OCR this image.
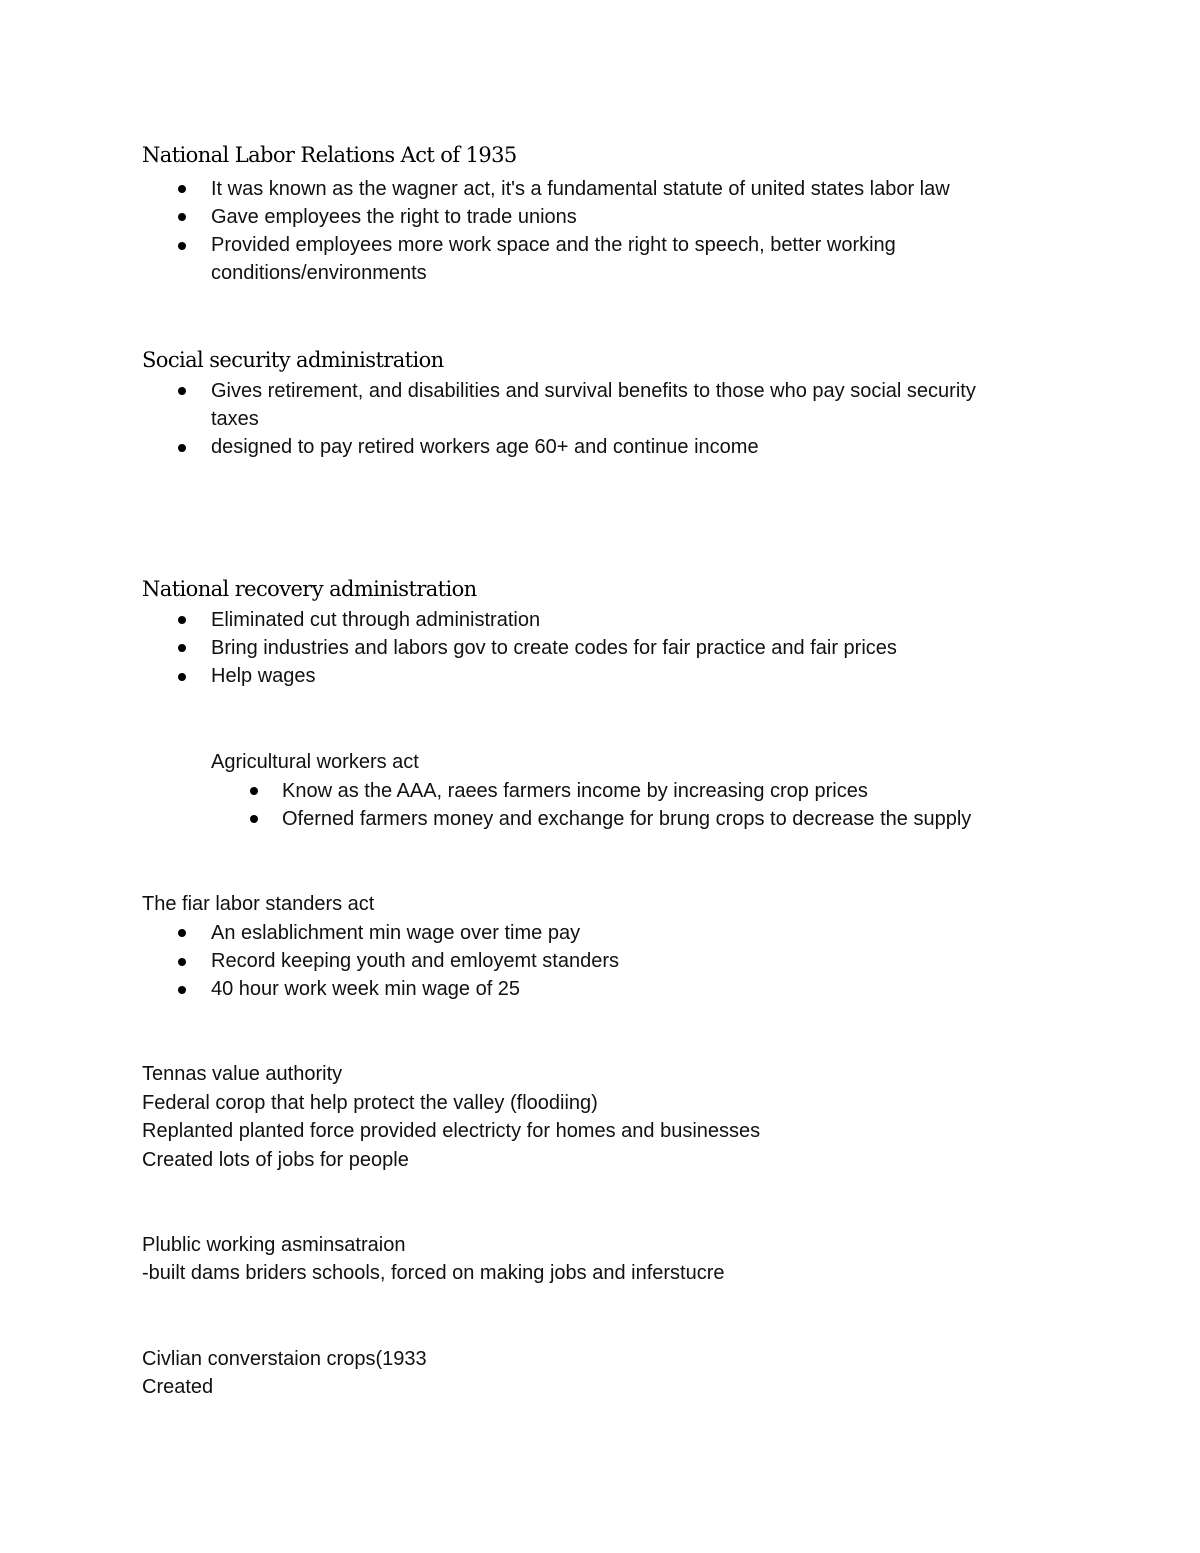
National Labor Relations Act of 1935
It was known as the wagner act, it's a fundamental statute of united states labor law
Gave employees the right to trade unions
Provided employees more work space and the right to speech, better working
conditions/environments
Social security administration
Gives retirement, and disabilities and survival benefits to those who pay social security
taxes
designed to pay retired workers age 60+ and continue income
National recovery administration
Eliminated cut through administration
Bring industries and labors gov to create codes for fair practice and fair prices
Help wages
Agricultural workers act
Know as the AAA, raees farmers income by increasing crop prices
Oferned farmers money and exchange for brung crops to decrease the supply
The fiar labor standers act
An eslablichment min wage over time pay
Record keeping youth and emloyemt standers
40 hour work week min wage of 25
Tennas value authority
Federal corop that help protect the valley (floodiing)
Replanted planted force provided electricty for homes and businesses
Created lots of jobs for people
Plublic working asminsatraion
-built dams briders schools, forced on making jobs and inferstucre
Civlian converstaion crops(1933
Created
